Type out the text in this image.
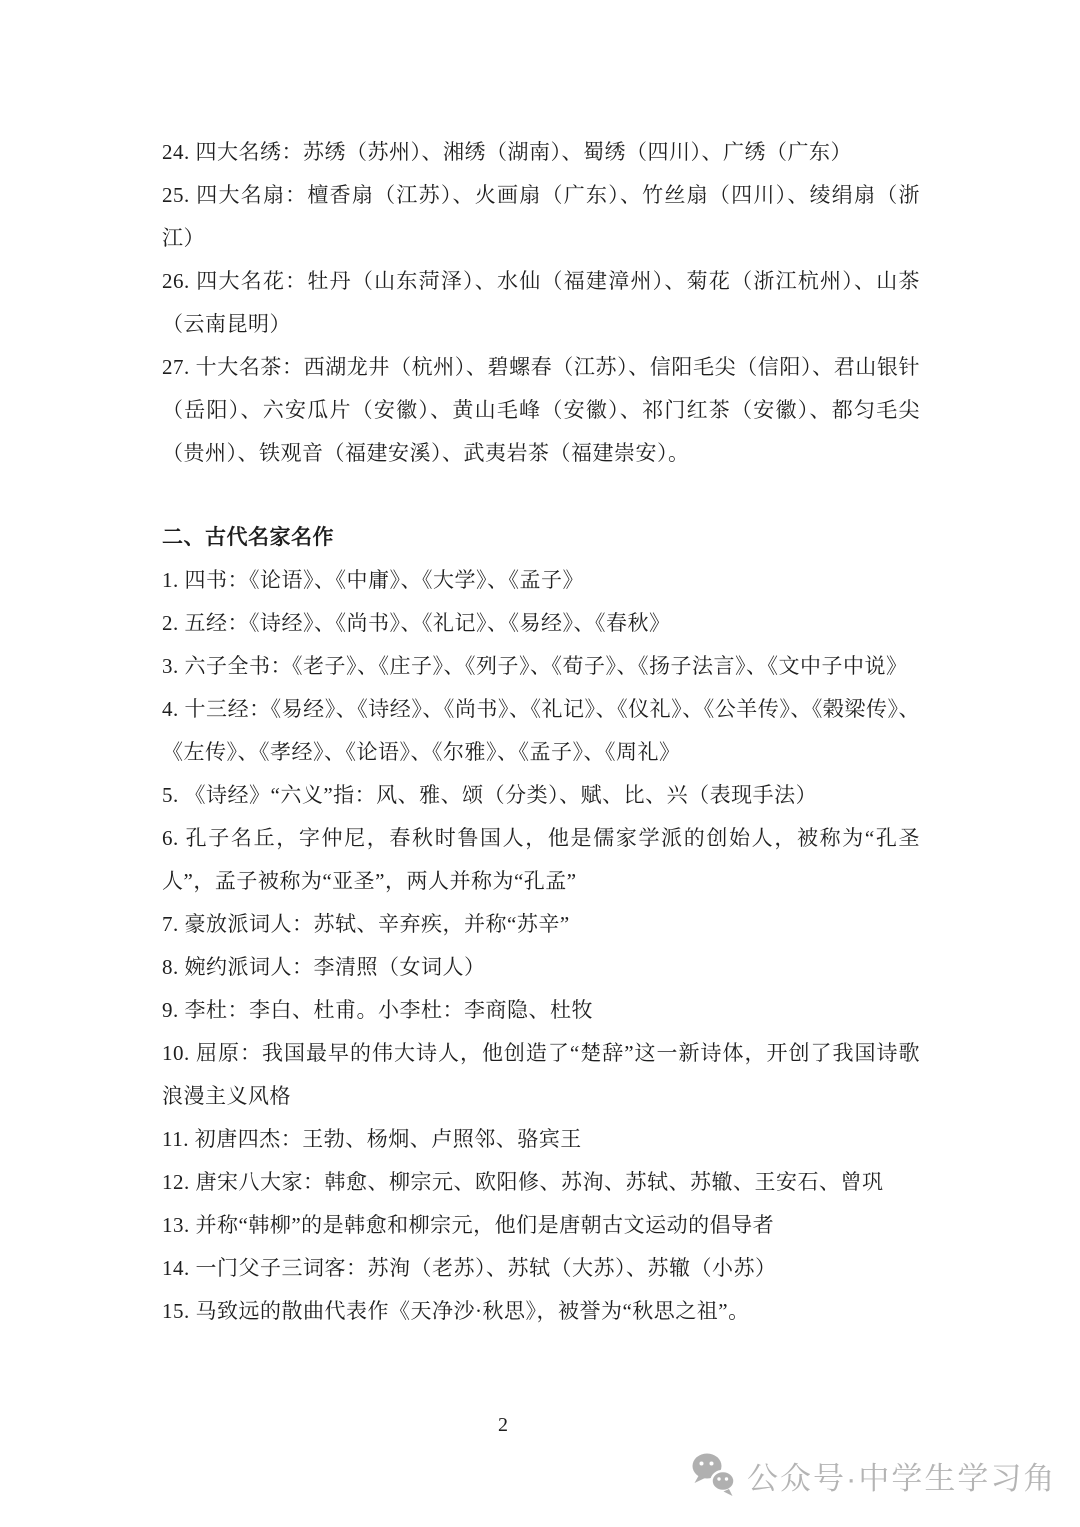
24. 四大名绣：苏绣（苏州）、湘绣（湖南）、蜀绣（四川）、广绣（广东）

25. 四大名扇：檀香扇（江苏）、火画扇（广东）、竹丝扇（四川）、绫绢扇（浙江）

26. 四大名花：牡丹（山东菏泽）、水仙（福建漳州）、菊花（浙江杭州）、山茶（云南昆明）

27. 十大名茶：西湖龙井（杭州）、碧螺春（江苏）、信阳毛尖（信阳）、君山银针（岳阳）、六安瓜片（安徽）、黄山毛峰（安徽）、祁门红茶（安徽）、都匀毛尖（贵州）、铁观音（福建安溪）、武夷岩茶（福建崇安）。

二、古代名家名作

1. 四书：《论语》、《中庸》、《大学》、《孟子》

2. 五经：《诗经》、《尚书》、《礼记》、《易经》、《春秋》

3. 六子全书：《老子》、《庄子》、《列子》、《荀子》、《扬子法言》、《文中子中说》

4. 十三经：《易经》、《诗经》、《尚书》、《礼记》、《仪礼》、《公羊传》、《榖梁传》、《左传》、《孝经》、《论语》、《尔雅》、《孟子》、《周礼》

5. 《诗经》“六义”指：风、雅、颂（分类）、赋、比、兴（表现手法）

6. 孔子名丘，字仲尼，春秋时鲁国人，他是儒家学派的创始人，被称为“孔圣人”，孟子被称为“亚圣”，两人并称为“孔孟”

7. 豪放派词人：苏轼、辛弃疾，并称“苏辛”

8. 婉约派词人：李清照（女词人）

9. 李杜：李白、杜甫。小李杜：李商隐、杜牧

10. 屈原：我国最早的伟大诗人，他创造了“楚辞”这一新诗体，开创了我国诗歌浪漫主义风格

11. 初唐四杰：王勃、杨炯、卢照邻、骆宾王

12. 唐宋八大家：韩愈、柳宗元、欧阳修、苏洵、苏轼、苏辙、王安石、曾巩

13. 并称“韩柳”的是韩愈和柳宗元，他们是唐朝古文运动的倡导者

14. 一门父子三词客：苏洵（老苏）、苏轼（大苏）、苏辙（小苏）

15. 马致远的散曲代表作《天净沙·秋思》，被誉为“秋思之祖”。

2
公众号·中学生学习角
